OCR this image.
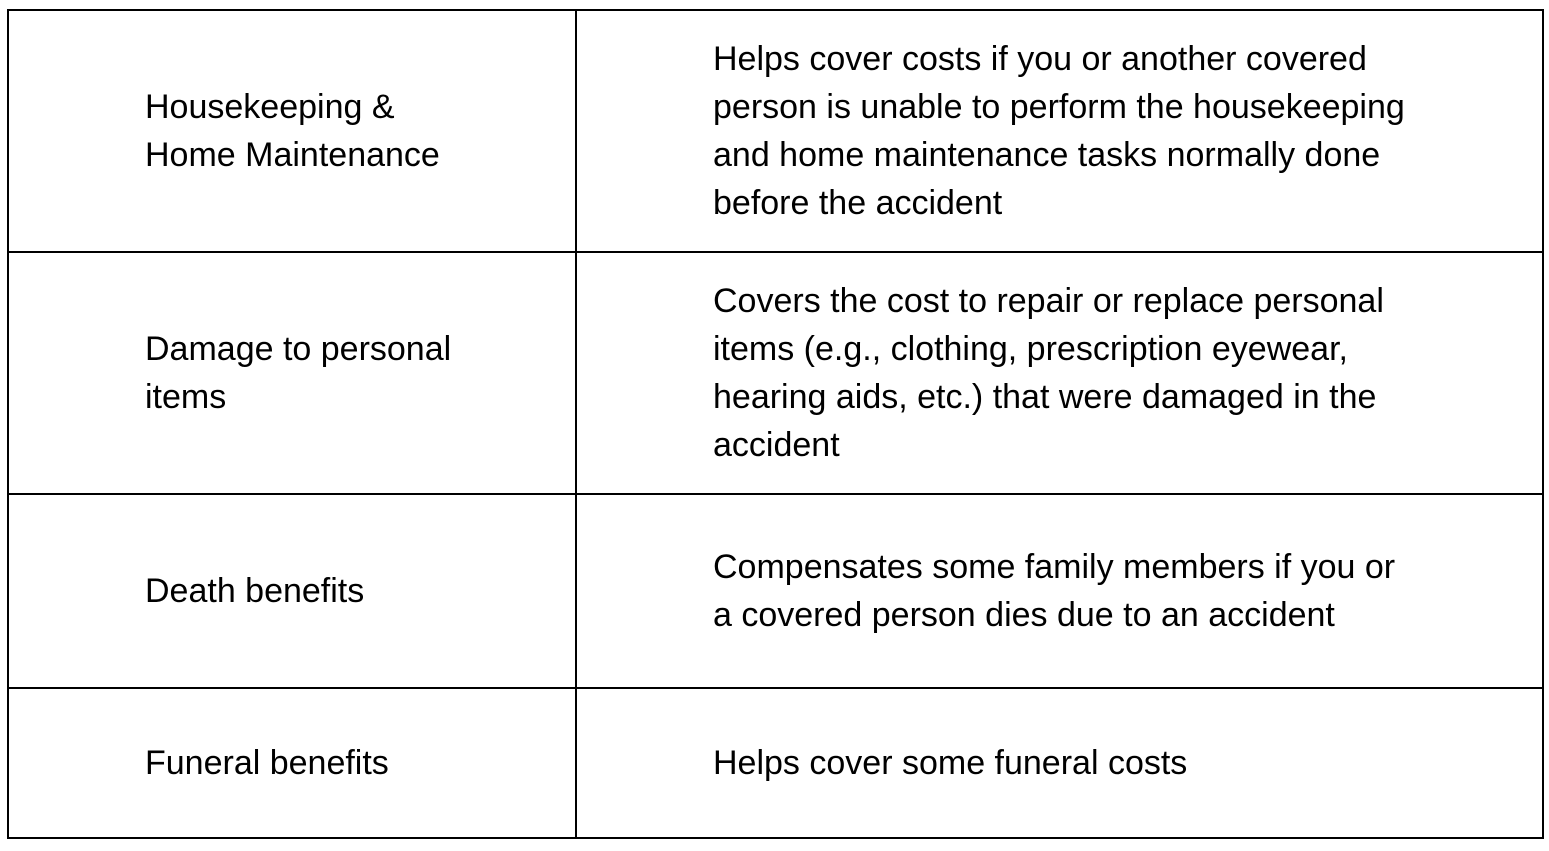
Housekeeping & Home Maintenance	Helps cover costs if you or another covered person is unable to perform the housekeeping and home maintenance tasks normally done before the accident

Damage to personal items	Covers the cost to repair or replace personal items (e.g., clothing, prescription eyewear, hearing aids, etc.) that were damaged in the accident

Death benefits	Compensates some family members if you or a covered person dies due to an accident

Funeral benefits	Helps cover some funeral costs
